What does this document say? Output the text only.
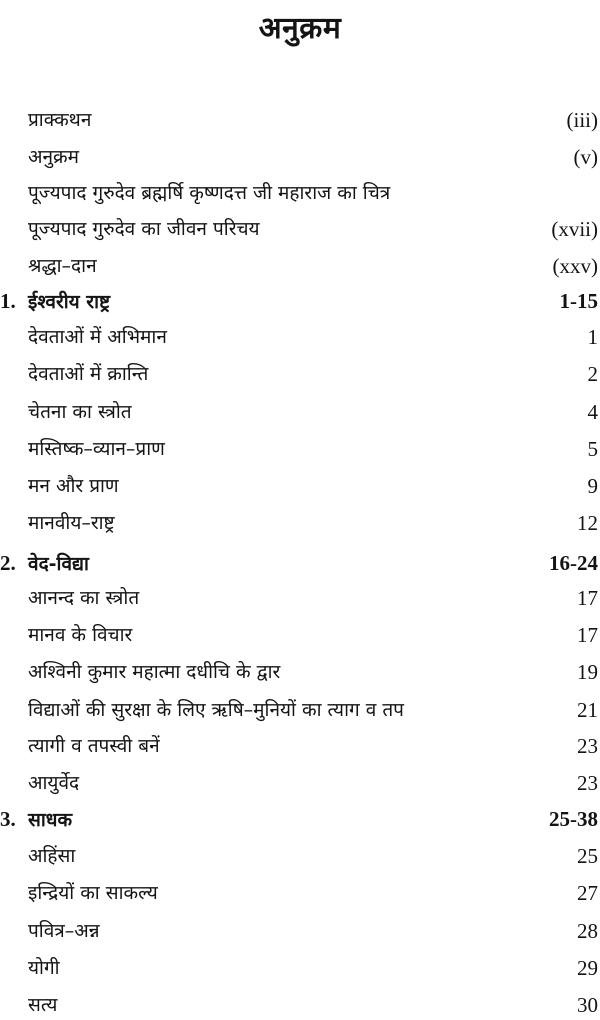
अनुक्रम
प्राक्कथन	(iii)
अनुक्रम	(v)
पूज्यपाद गुरुदेव ब्रह्मर्षि कृष्णदत्त जी महाराज का चित्र
पूज्यपाद गुरुदेव का जीवन परिचय	(xvii)
श्रद्धा–दान	(xxv)
1. ईश्वरीय राष्ट्र	1-15
देवताओं में अभिमान	1
देवताओं में क्रान्ति	2
चेतना का स्त्रोत	4
मस्तिष्क–व्यान–प्राण	5
मन और प्राण	9
मानवीय–राष्ट्र	12
2. वेद-विद्या	16-24
आनन्द का स्त्रोत	17
मानव के विचार	17
अश्विनी कुमार महात्मा दधीचि के द्वार	19
विद्याओं की सुरक्षा के लिए ऋषि–मुनियों का त्याग व तप	21
त्यागी व तपस्वी बनें	23
आयुर्वेद	23
3. साधक	25-38
अहिंसा	25
इन्द्रियों का साकल्य	27
पवित्र–अन्न	28
योगी	29
सत्य	30
